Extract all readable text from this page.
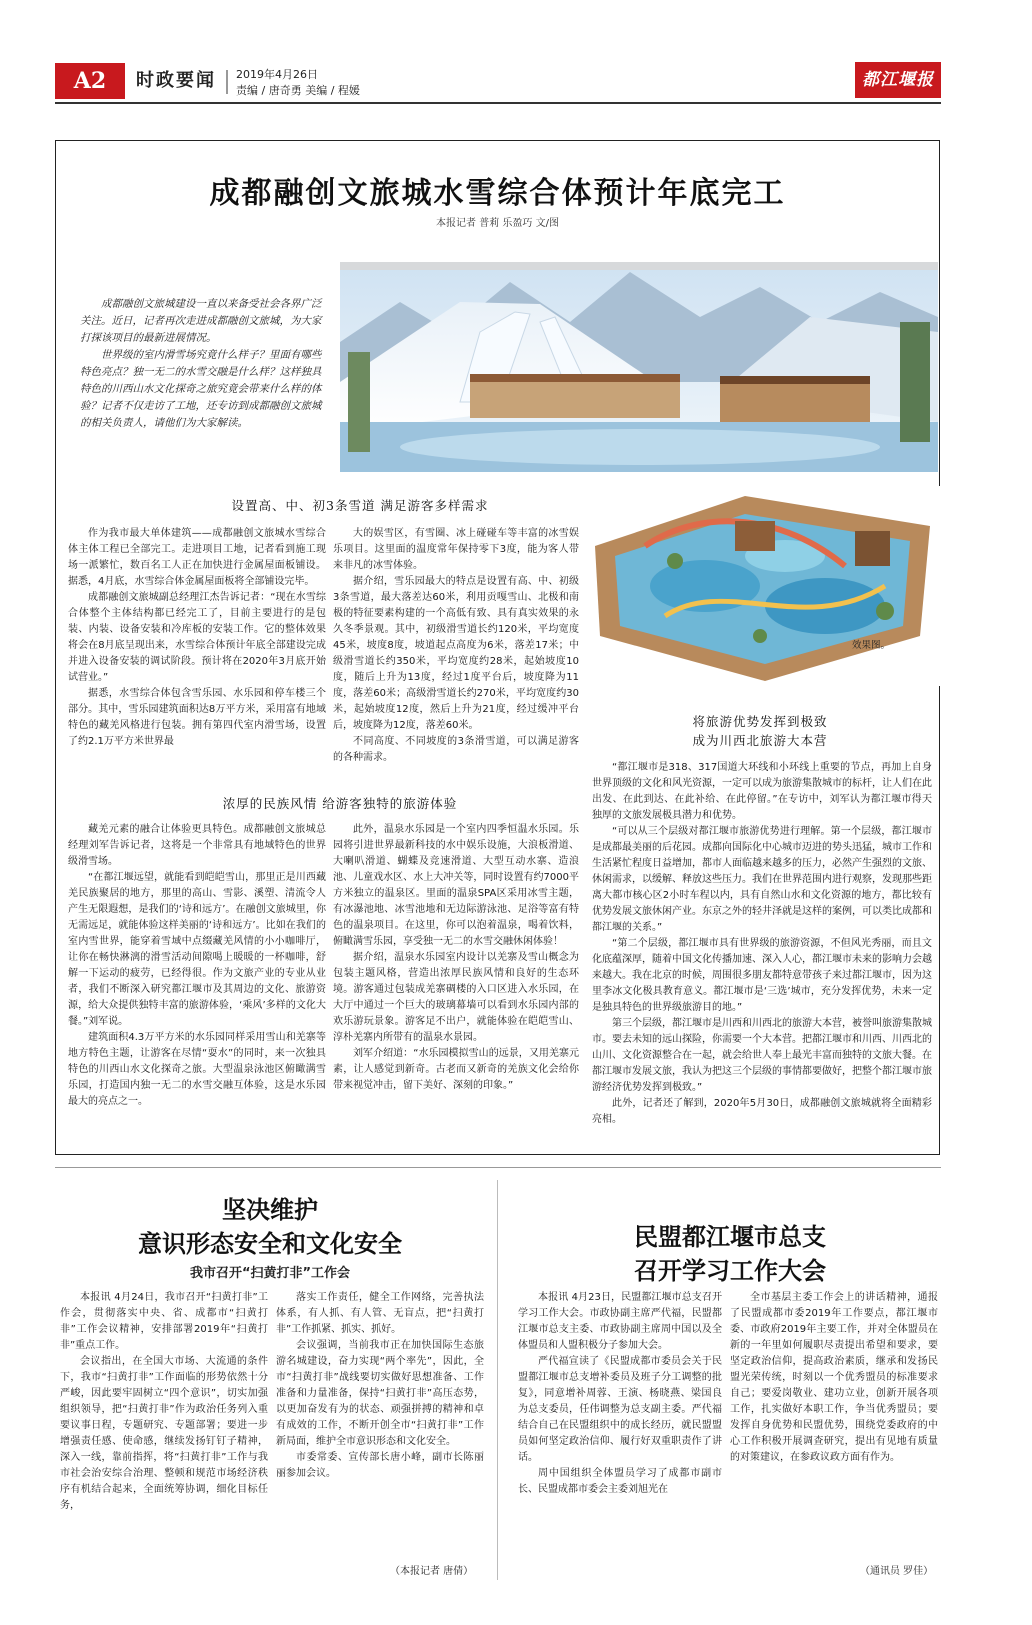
A2	时政要闻 2019年4月26日
责编 / 唐奇勇 美编 / 程媛
都江堰报
成都融创文旅城水雪综合体预计年底完工
本报记者 普莉 乐盈巧 文/图

成都融创文旅城建设一直以来备受社会各界广泛关注。近日，记者再次走进成都融创文旅城，为大家打探该项目的最新进展情况。

世界级的室内滑雪场究竟什么样子？里面有哪些特色亮点？独一无二的水雪交融是什么样？这样独具特色的川西山水文化探奇之旅究竟会带来什么样的体验？记者不仅走访了工地，还专访到成都融创文旅城的相关负责人，请他们为大家解读。

效果图。
设置高、中、初3条雪道 满足游客多样需求

作为我市最大单体建筑——成都融创文旅城水雪综合体主体工程已全部完工。走进项目工地，记者看到施工现场一派繁忙，数百名工人正在加快进行金属屋面板铺设。据悉，4月底，水雪综合体金属屋面板将全部铺设完毕。

成都融创文旅城副总经理江杰告诉记者：“现在水雪综合体整个主体结构都已经完工了，目前主要进行的是包装、内装、设备安装和冷库板的安装工作。它的整体效果将会在8月底呈现出来，水雪综合体预计年底全部建设完成并进入设备安装的调试阶段。预计将在2020年3月底开始试营业。”

据悉，水雪综合体包含雪乐园、水乐园和停车楼三个部分。其中，雪乐园建筑面积达8万平方米，采用富有地域特色的藏羌风格进行包装。拥有第四代室内滑雪场，设置了约2.1万平方米世界最

大的娱雪区，有雪圈、冰上碰碰车等丰富的冰雪娱乐项目。这里面的温度常年保持零下3度，能为客人带来非凡的冰雪体验。

据介绍，雪乐园最大的特点是设置有高、中、初级3条雪道，最大落差达60米，利用贡嘎雪山、北极和南极的特征要素构建的一个高低有致、具有真实效果的永久冬季景观。其中，初级滑雪道长约120米，平均宽度45米，坡度8度，坡道起点高度为6米，落差17米；中级滑雪道长约350米，平均宽度约28米，起始坡度10度，随后上升为13度，经过1度平台后，坡度降为11度，落差60米；高级滑雪道长约270米，平均宽度约30米，起始坡度12度，然后上升为21度，经过缓冲平台后，坡度降为12度，落差60米。

不同高度、不同坡度的3条滑雪道，可以满足游客的各种需求。

浓厚的民族风情 给游客独特的旅游体验

藏羌元素的融合让体验更具特色。成都融创文旅城总经理刘军告诉记者，这将是一个非常具有地域特色的世界级滑雪场。

“在都江堰远望，就能看到皑皑雪山，那里正是川西藏羌民族聚居的地方，那里的高山、雪影、溪塑、清流令人产生无限遐想，是我们的‘诗和远方’。在融创文旅城里，你无需远足，就能体验这样美丽的‘诗和远方’。比如在我们的室内雪世界，能穿着雪域中点缀藏羌风情的小小咖啡厅，让你在畅快淋漓的滑雪活动间隙喝上暖暖的一杯咖啡，舒解一下运动的疲劳，已经得很。作为文旅产业的专业从业者，我们不断深入研究都江堰市及其周边的文化、旅游资源，给大众提供独特丰富的旅游体验，‘乘风’多样的文化大餐。”刘军说。

建筑面积4.3万平方米的水乐园同样采用雪山和羌寨等地方特色主题，让游客在尽情“耍水”的同时，来一次独具特色的川西山水文化探奇之旅。大型温泉泳池区俯瞰满雪乐园，打造国内独一无二的水雪交融互体验，这是水乐园最大的亮点之一。

此外，温泉水乐园是一个室内四季恒温水乐园。乐园将引进世界最新科技的水中娱乐设施，大浪板滑道、大喇叭滑道、蝴蝶及竞速滑道、大型互动水寨、造浪池、儿童戏水区、水上大冲关等，同时设置有约7000平方米独立的温泉区。里面的温泉SPA区采用冰雪主题，有冰瀑池地、冰雪池地和无边际游泳池、足浴等富有特色的温泉项目。在这里，你可以泡着温泉，喝着饮料，俯瞰满雪乐园，享受独一无二的水雪交融休闲体验！

据介绍，温泉水乐园室内设计以羌寨及雪山概念为包装主题风格，营造出浓厚民族风情和良好的生态环境。游客通过包装成羌寨碉楼的入口区进入水乐园，在大厅中通过一个巨大的玻璃幕墙可以看到水乐园内部的欢乐游玩景象。游客足不出户，就能体验在皑皑雪山、淳朴羌寨内所带有的温泉水景园。

刘军介绍道：“水乐园模拟雪山的远景，又用羌寨元素，让人感觉到新奇。古老而又新奇的羌族文化会给你带来视觉冲击，留下美好、深刻的印象。”

将旅游优势发挥到极致
成为川西北旅游大本营

“都江堰市是318、317国道大环线和小环线上重要的节点，再加上自身世界顶级的文化和风光资源，一定可以成为旅游集散城市的标杆，让人们在此出发、在此到达、在此补给、在此停留。”在专访中，刘军认为都江堰市得天独厚的文旅发展极具潜力和优势。

“可以从三个层级对都江堰市旅游优势进行理解。第一个层级，都江堰市是成都最美丽的后花园。成都向国际化中心城市迈进的势头迅猛，城市工作和生活紧忙程度日益增加，都市人面临越来越多的压力，必然产生强烈的文旅、休闲需求，以缓解、释放这些压力。我们在世界范围内进行观察，发现那些距离大都市核心区2小时车程以内，具有自然山水和文化资源的地方，都比较有优势发展文旅休闲产业。东京之外的轻井泽就是这样的案例，可以类比成都和都江堰的关系。”

“第二个层级，都江堰市具有世界级的旅游资源，不但风光秀丽，而且文化底蕴深厚，随着中国文化传播加速、深入人心，都江堰市未来的影响力会越来越大。我在北京的时候，周围很多朋友都特意带孩子来过都江堰市，因为这里李冰文化极具教育意义。都江堰市是‘三选’城市，充分发挥优势，未来一定是独具特色的世界级旅游目的地。”

第三个层级，都江堰市是川西和川西北的旅游大本营，被誉叫旅游集散城市。要去未知的远山探险，你需要一个大本营。把都江堰市和川西、川西北的山川、文化资源整合在一起，就会给世人奉上最光丰富而独特的文旅大餐。在都江堰市发展文旅，我认为把这三个层级的事情都要做好，把整个都江堰市旅游经济优势发挥到极致。”

此外，记者还了解到，2020年5月30日，成都融创文旅城就将全面精彩亮相。

坚决维护
意识形态安全和文化安全
我市召开“扫黄打非”工作会

本报讯 4月24日，我市召开“扫黄打非”工作会，贯彻落实中央、省、成都市“扫黄打非”工作会议精神，安排部署2019年“扫黄打非”重点工作。

会议指出，在全国大市场、大流通的条件下，我市“扫黄打非”工作面临的形势依然十分严峻，因此要牢固树立“四个意识”，切实加强组织领导，把“扫黄打非”作为政治任务列入重要议事日程，专题研究、专题部署；要进一步增强责任感、使命感，继续发扬钉钉子精神，深入一线，靠前指挥，将“扫黄打非”工作与我市社会治安综合治理、整顿和规范市场经济秩序有机结合起来，全面统筹协调，细化目标任务，

落实工作责任，健全工作网络，完善执法体系，有人抓、有人管、无盲点，把“扫黄打非”工作抓紧、抓实、抓好。

会议强调，当前我市正在加快国际生态旅游名城建设，奋力实现“两个率先”，因此，全市“扫黄打非”战线要切实做好思想准备、工作准备和力量准备，保持“扫黄打非”高压态势，以更加奋发有为的状态、顽强拼搏的精神和卓有成效的工作，不断开创全市“扫黄打非”工作新局面，维护全市意识形态和文化安全。

市委常委、宣传部长唐小峰，副市长陈丽丽参加会议。

（本报记者 唐倩）
民盟都江堰市总支
召开学习工作大会

本报讯 4月23日，民盟都江堰市总支召开学习工作大会。市政协副主席严代福，民盟都江堰市总支主委、市政协副主席周中国以及全体盟员和人盟积极分子参加大会。

严代福宣读了《民盟成都市委员会关于民盟都江堰市总支增补委员及班子分工调整的批复》，同意增补周蓉、王演、杨晓燕、梁国良为总支委员，任伟调整为总支副主委。严代福结合自己在民盟组织中的成长经历，就民盟盟员如何坚定政治信仰、履行好双重职责作了讲话。

周中国组织全体盟员学习了成都市副市长、民盟成都市委会主委刘旭光在

全市基层主委工作会上的讲话精神，通报了民盟成都市委2019年工作要点，都江堰市委、市政府2019年主要工作，并对全体盟员在新的一年里如何履职尽责提出希望和要求，要坚定政治信仰，提高政治素质，继承和发扬民盟光荣传统，时刻以一个优秀盟员的标准要求自己；要爱岗敬业、建功立业，创新开展各项工作，扎实做好本职工作，争当优秀盟员；要发挥自身优势和民盟优势，围绕党委政府的中心工作积极开展调查研究，提出有见地有质量的对策建议，在参政议政方面有作为。

（通讯员 罗佳）
